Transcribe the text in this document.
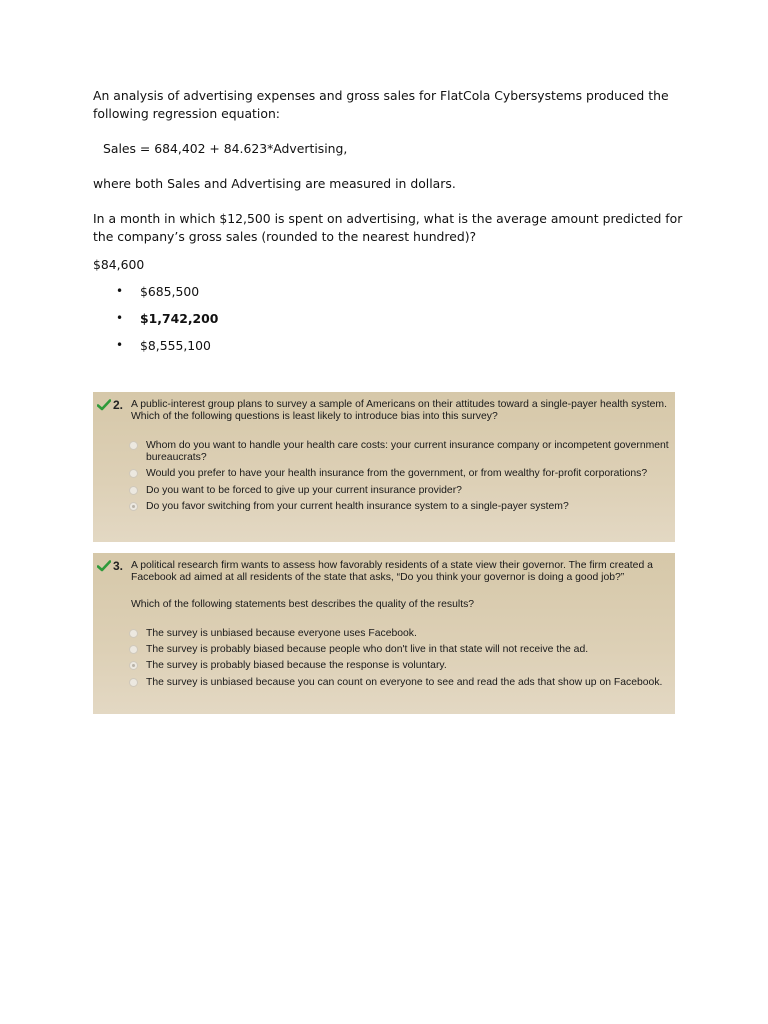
An analysis of advertising expenses and gross sales for FlatCola Cybersystems produced the following regression equation:

Sales = 684,402 + 84.623*Advertising,

where both Sales and Advertising are measured in dollars.

In a month in which $12,500 is spent on advertising, what is the average amount predicted for the company’s gross sales (rounded to the nearest hundred)?

$84,600

• $685,500
• $1,742,200
• $8,555,100
2. A public-interest group plans to survey a sample of Americans on their attitudes toward a single-payer health system. Which of the following questions is least likely to introduce bias into this survey?
Whom do you want to handle your health care costs: your current insurance company or incompetent government bureaucrats?
Would you prefer to have your health insurance from the government, or from wealthy for-profit corporations?
Do you want to be forced to give up your current insurance provider?
Do you favor switching from your current health insurance system to a single-payer system?
3. A political research firm wants to assess how favorably residents of a state view their governor. The firm created a Facebook ad aimed at all residents of the state that asks, “Do you think your governor is doing a good job?”
Which of the following statements best describes the quality of the results?
The survey is unbiased because everyone uses Facebook.
The survey is probably biased because people who don't live in that state will not receive the ad.
The survey is probably biased because the response is voluntary.
The survey is unbiased because you can count on everyone to see and read the ads that show up on Facebook.
